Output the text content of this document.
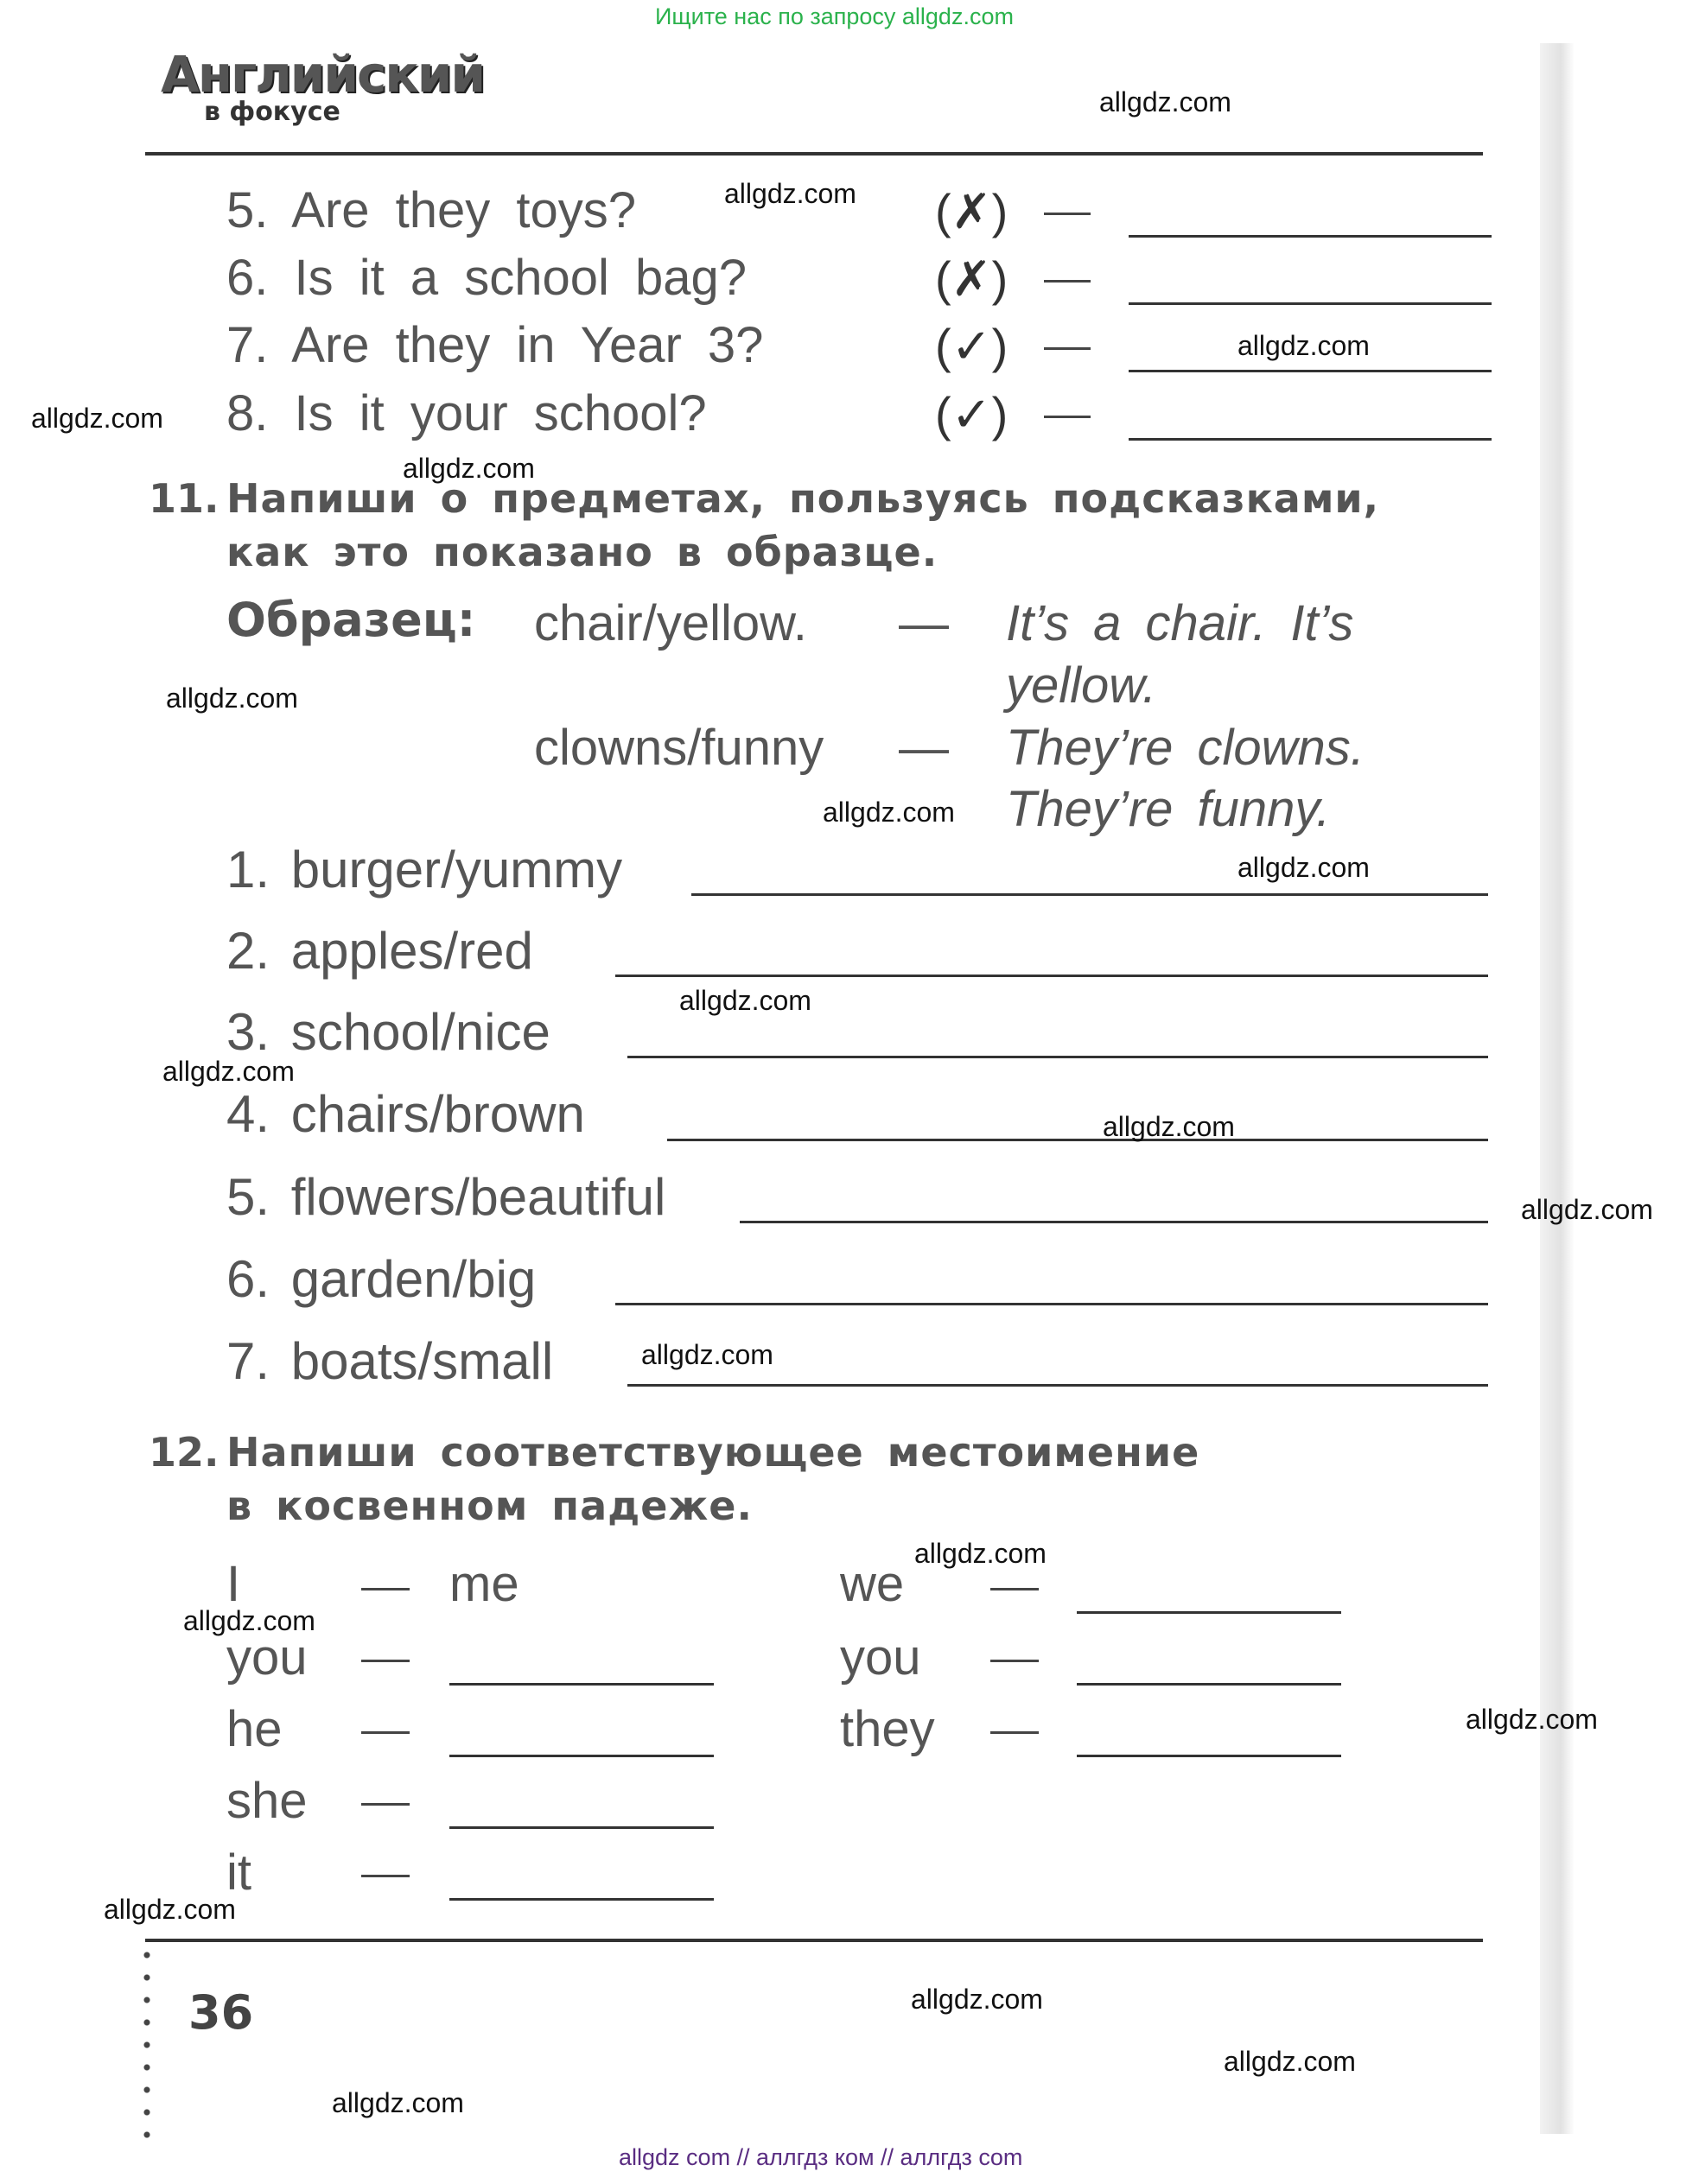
Ищите нас по запросу allgdz.com
Английский
в фокусе
5. Are they toys?
6. Is it a school bag?
7. Are they in Year 3?
8. Is it your school?
(✗)
(✗)
(✓)
(✓)
11. Напиши о предметах, пользуясь подсказками,
как это показано в образце.
Образец: chair/yellow. — It’s a chair. It’s
yellow.
clowns/funny — They’re clowns.
They’re funny.
1. burger/yummy
2. apples/red
3. school/nice
4. chairs/brown
5. flowers/beautiful
6. garden/big
7. boats/small
12. Напиши соответствующее местоимение
в косвенном падеже.
I
you
he
she
it
me	we
you
they
36
allgdz.com
allgdz.com
allgdz.com
allgdz.com
allgdz.com
allgdz.com
allgdz.com
allgdz.com
allgdz.com
allgdz.com
allgdz.com
allgdz.com
allgdz.com
allgdz.com
allgdz.com
allgdz.com
allgdz.com
allgdz.com
allgdz.com
allgdz.com
allgdz com // аллгдз ком // аллгдз com
